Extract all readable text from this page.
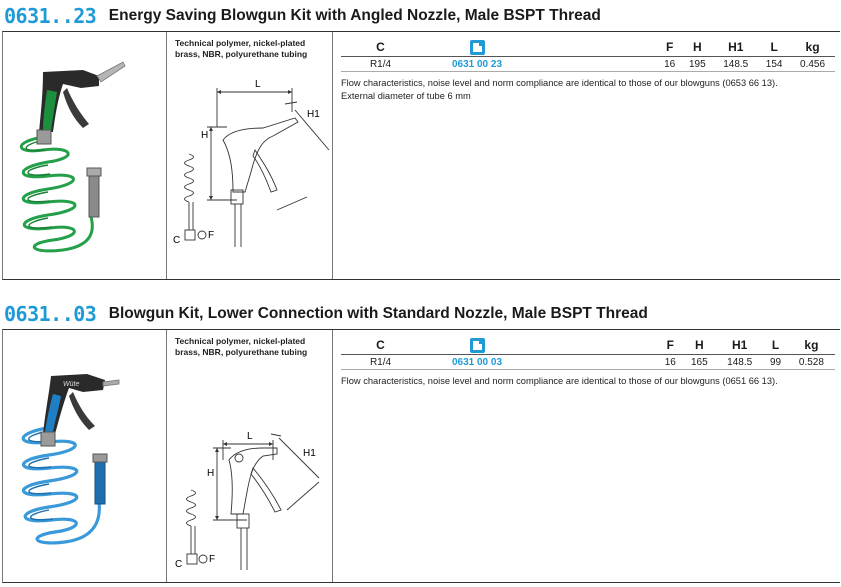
0631..23 Energy Saving Blowgun Kit with Angled Nozzle, Male BSPT Thread
Technical polymer, nickel-plated brass, NBR, polyurethane tubing
L
H
H1
C	F
C			F	H	H1	L	kg
R1/4	0631 00 23		16	195	148.5	154	0.456
Flow characteristics, noise level and norm compliance are identical to those of our blowguns (0653 66 13).
External diameter of tube 6 mm
0631..03 Blowgun Kit, Lower Connection with Standard Nozzle, Male BSPT Thread
Wüte
Technical polymer, nickel-plated brass, NBR, polyurethane tubing
L
H
H1
C	F
C			F	H	H1	L	kg
R1/4	0631 00 03		16	165	148.5	99	0.528
Flow characteristics, noise level and norm compliance are identical to those of our blowguns (0651 66 13).
